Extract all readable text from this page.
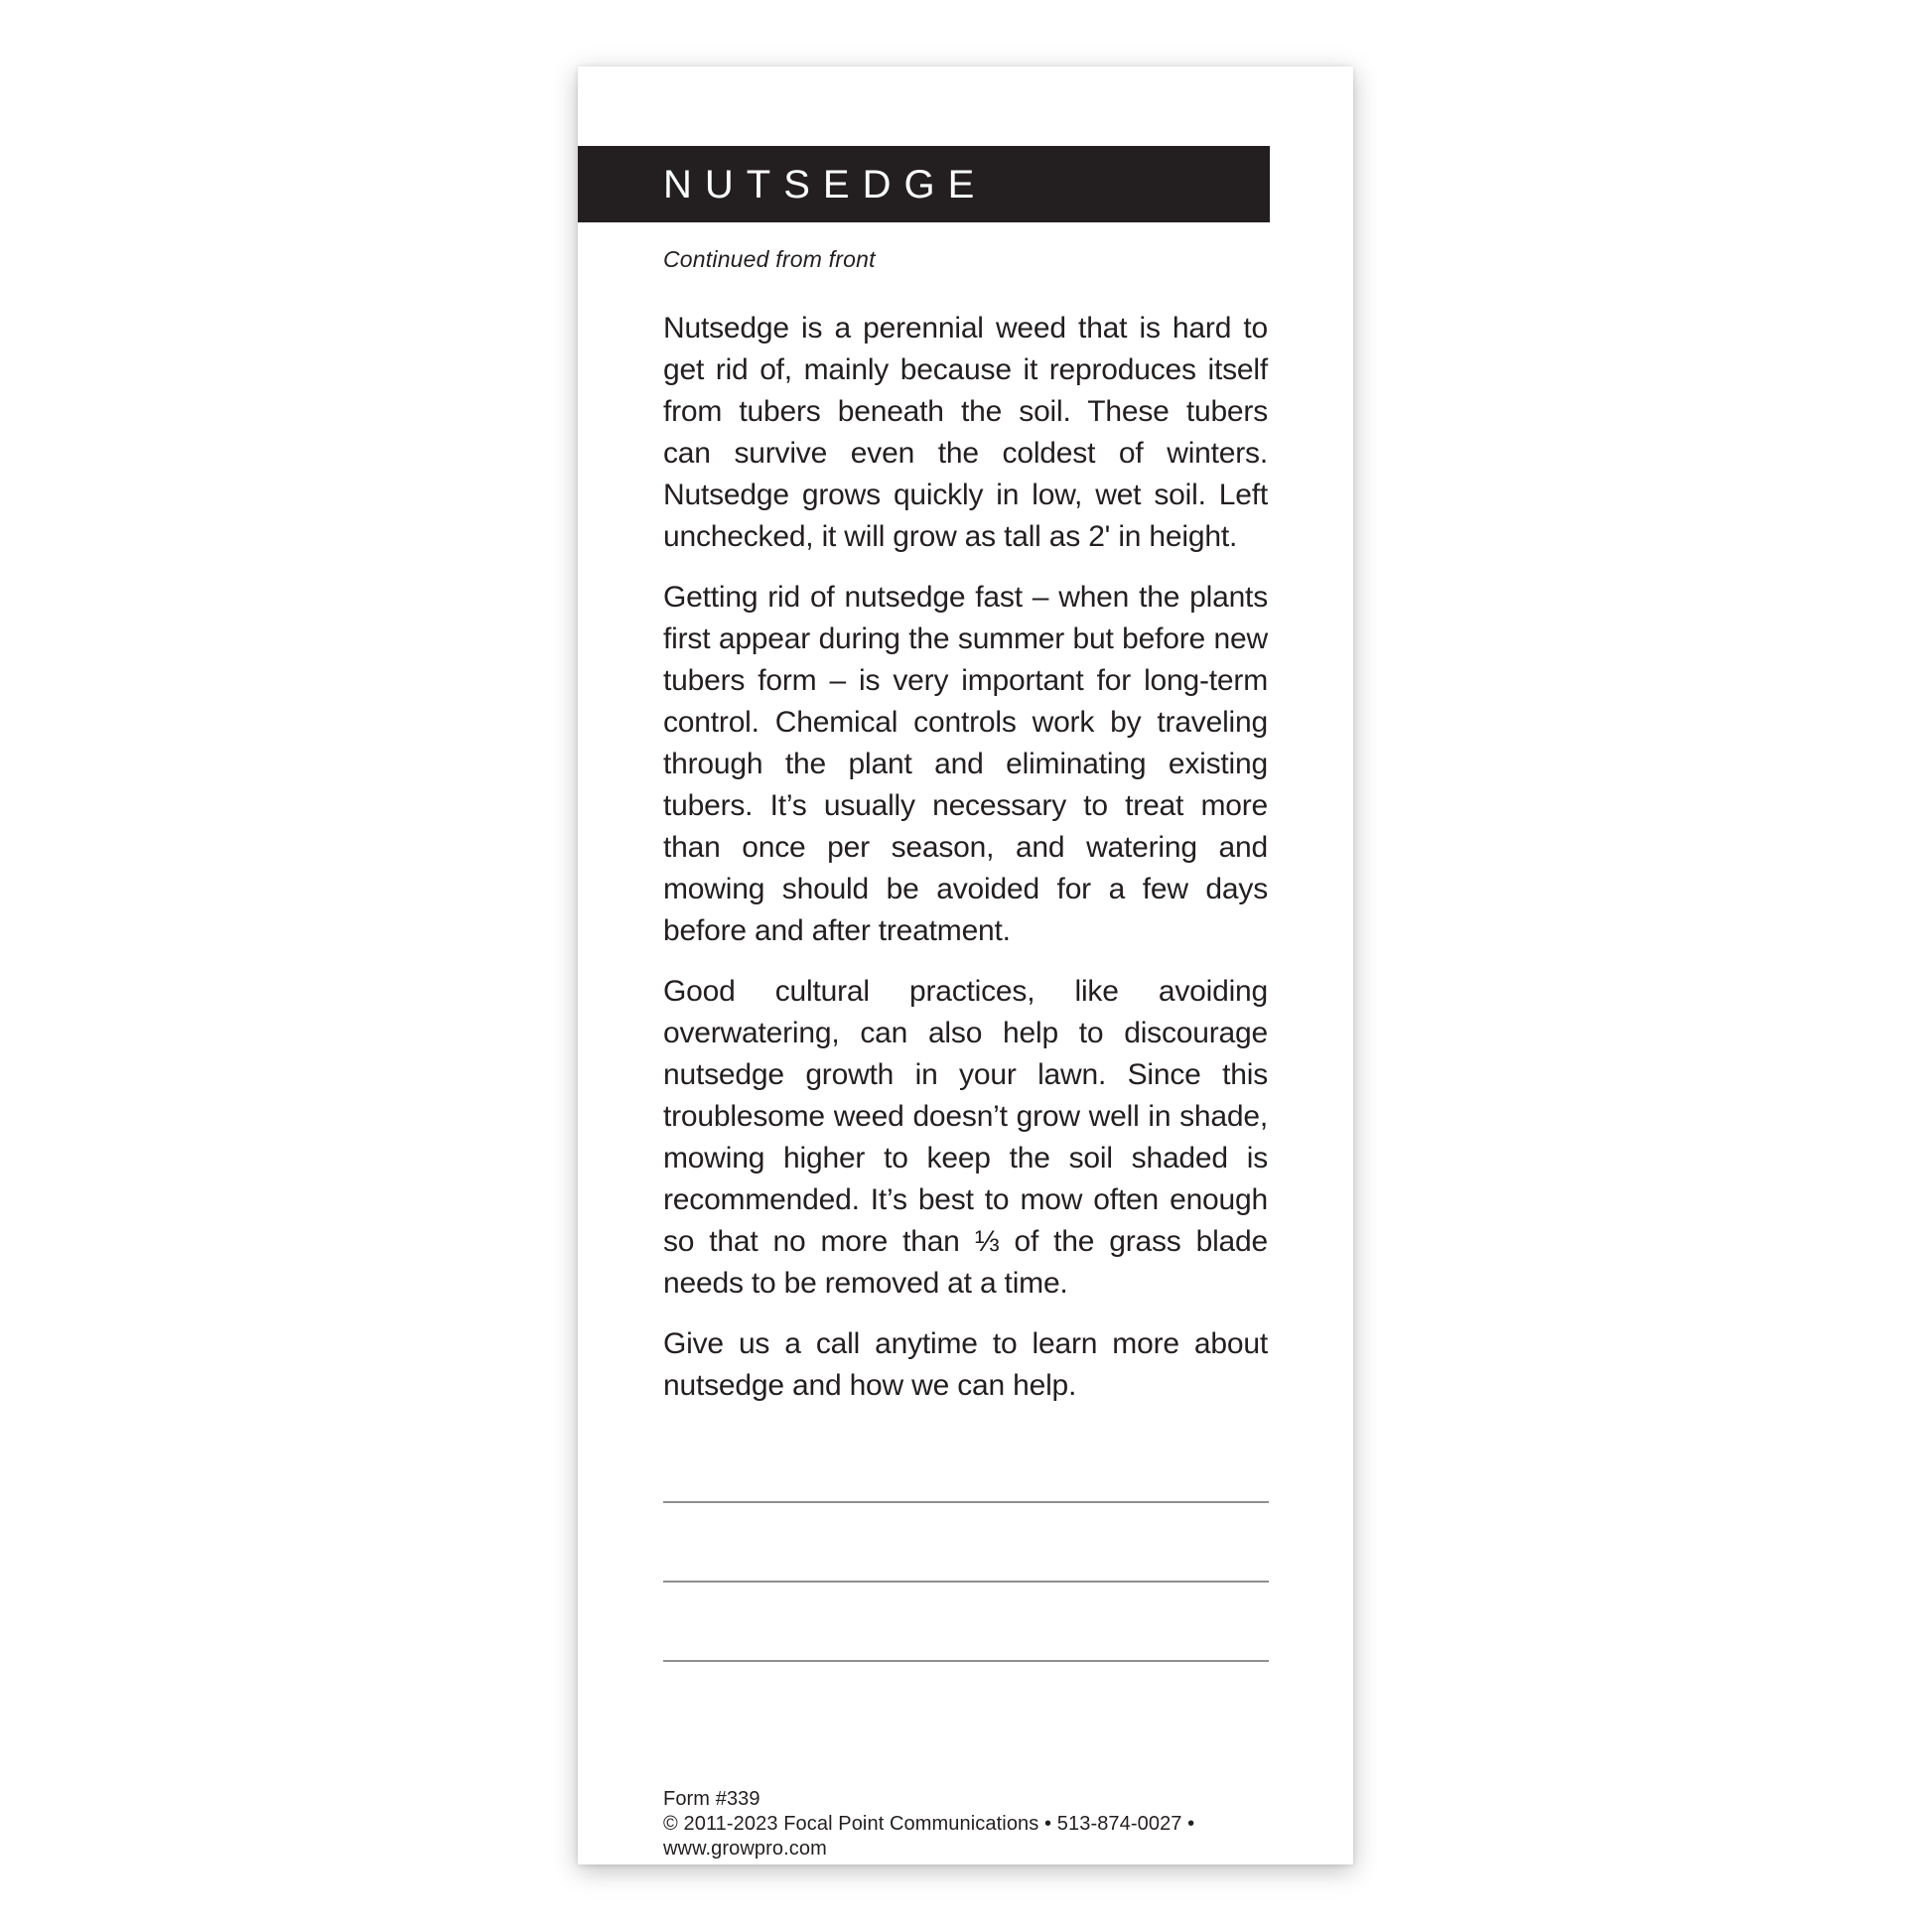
NUTSEDGE
Continued from front

Nutsedge is a perennial weed that is hard to get rid of, mainly because it reproduces itself from tubers beneath the soil. These tubers can survive even the coldest of winters. Nutsedge grows quickly in low, wet soil. Left unchecked, it will grow as tall as 2' in height.

Getting rid of nutsedge fast – when the plants first appear during the summer but before new tubers form – is very important for long-term control. Chemical controls work by traveling through the plant and eliminating existing tubers. It’s usually necessary to treat more than once per season, and watering and mowing should be avoided for a few days before and after treatment.

Good cultural practices, like avoiding overwatering, can also help to discourage nutsedge growth in your lawn. Since this troublesome weed doesn’t grow well in shade, mowing higher to keep the soil shaded is recommended. It’s best to mow often enough so that no more than ⅓ of the grass blade needs to be removed at a time.

Give us a call anytime to learn more about nutsedge and how we can help.

Form #339
© 2011-2023 Focal Point Communications • 513-874-0027 • www.growpro.com
